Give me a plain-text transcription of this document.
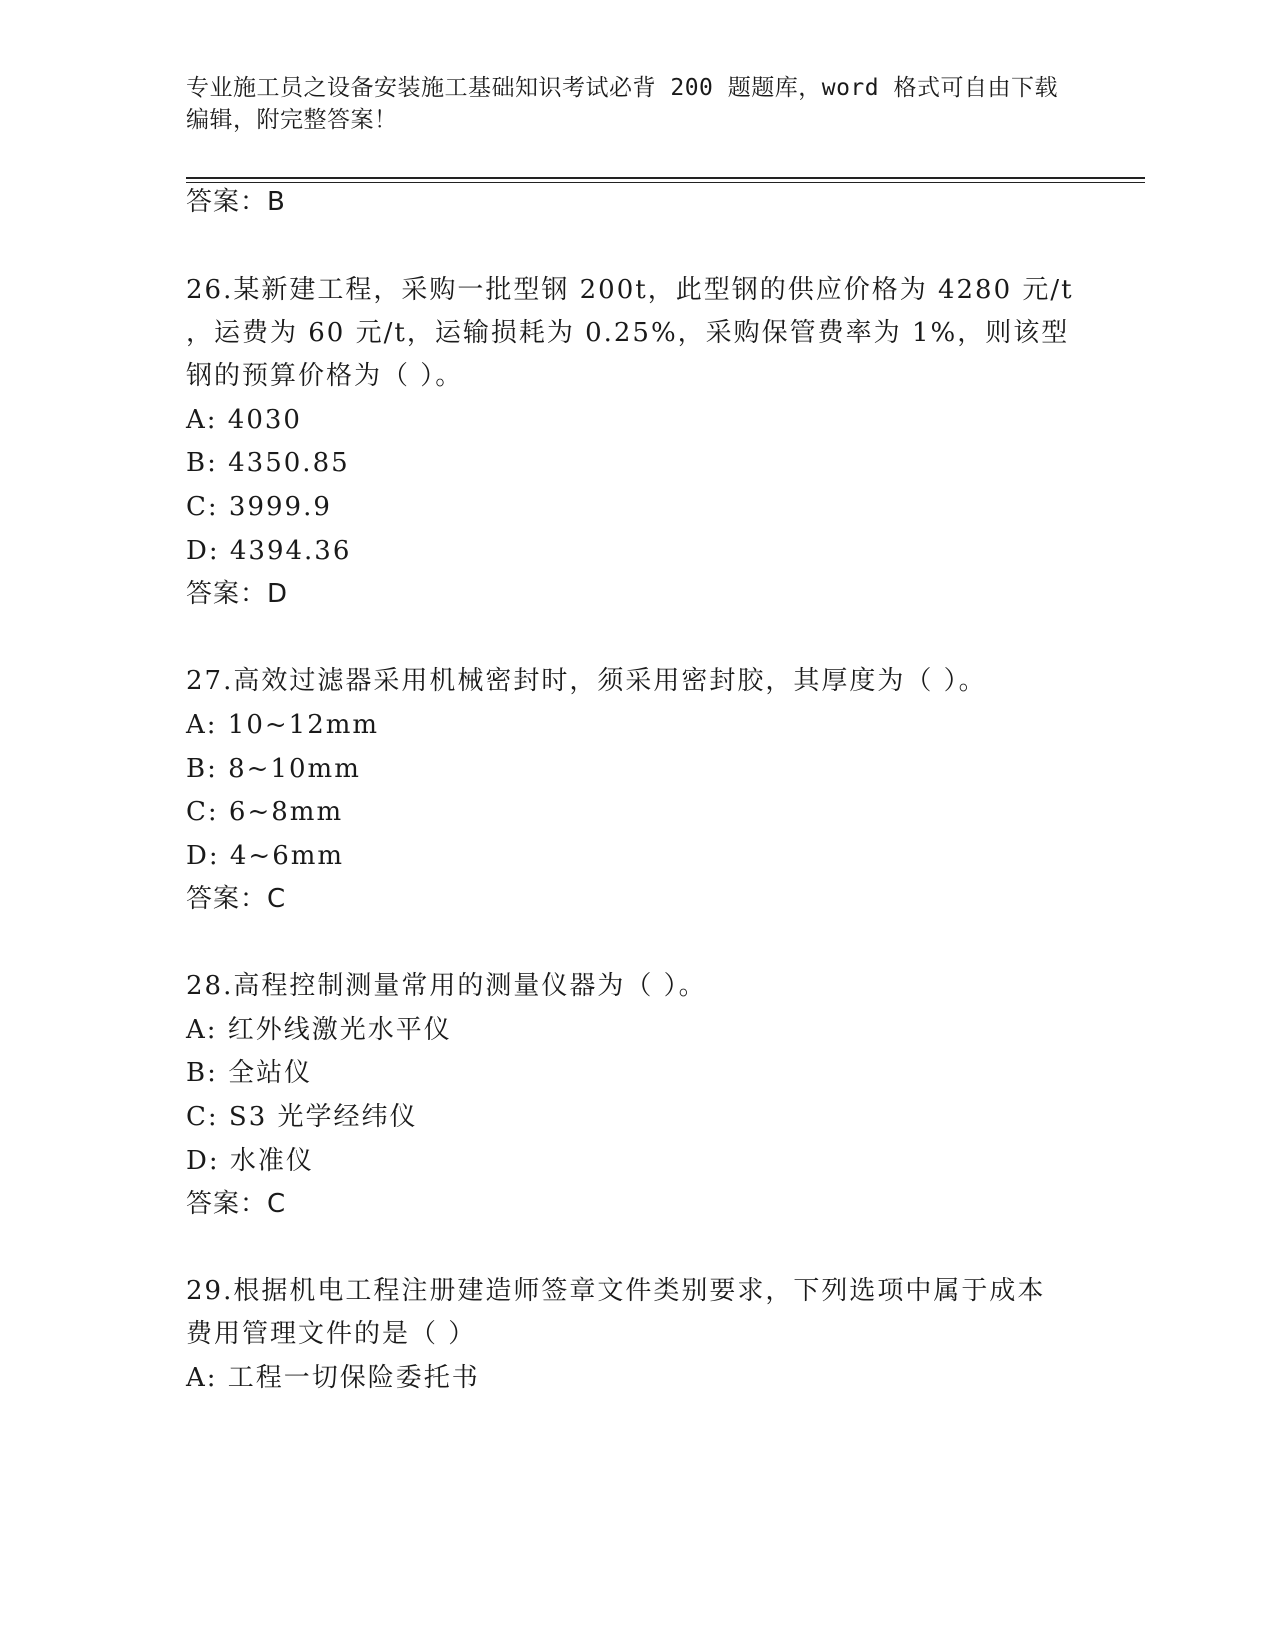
专业施工员之设备安装施工基础知识考试必背 200 题题库，word 格式可自由下载
编辑，附完整答案！
答案：B
26.某新建工程，采购一批型钢 200t，此型钢的供应价格为 4280 元/t
，运费为 60 元/t，运输损耗为 0.25%，采购保管费率为 1%，则该型
钢的预算价格为（ ）。
A: 4030
B: 4350.85
C: 3999.9
D: 4394.36
答案：D
27.高效过滤器采用机械密封时，须采用密封胶，其厚度为（ ）。
A: 10~12mm
B: 8~10mm
C: 6~8mm
D: 4~6mm
答案：C
28.高程控制测量常用的测量仪器为（ ）。
A: 红外线激光水平仪
B: 全站仪
C: S3 光学经纬仪
D: 水准仪
答案：C
29.根据机电工程注册建造师签章文件类别要求，下列选项中属于成本
费用管理文件的是（ ）
A: 工程一切保险委托书
